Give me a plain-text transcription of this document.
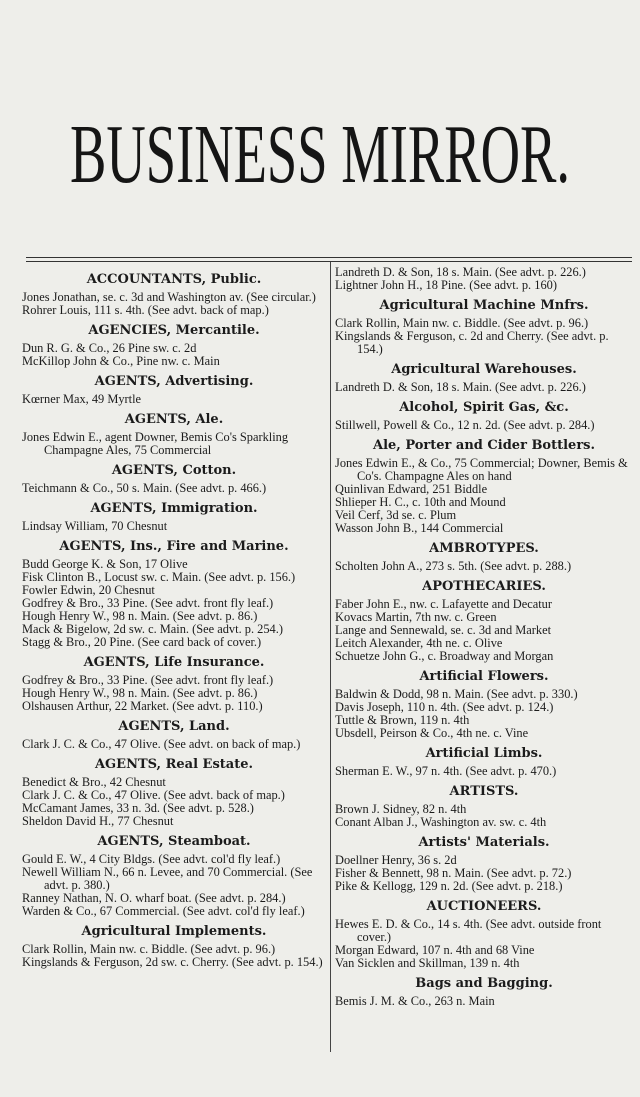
BUSINESS MIRROR.
ACCOUNTANTS, Public.
Jones Jonathan, se. c. 3d and Washington av. (See circular.)
Rohrer Louis, 111 s. 4th. (See advt. back of map.)
AGENCIES, Mercantile.
Dun R. G. & Co., 26 Pine sw. c. 2d
McKillop John & Co., Pine nw. c. Main
AGENTS, Advertising.
Kœrner Max, 49 Myrtle
AGENTS, Ale.
Jones Edwin E., agent Downer, Bemis Co's Sparkling Champagne Ales, 75 Commercial
AGENTS, Cotton.
Teichmann & Co., 50 s. Main. (See advt. p. 466.)
AGENTS, Immigration.
Lindsay William, 70 Chesnut
AGENTS, Ins., Fire and Marine.
Budd George K. & Son, 17 Olive
Fisk Clinton B., Locust sw. c. Main. (See advt. p. 156.)
Fowler Edwin, 20 Chesnut
Godfrey & Bro., 33 Pine. (See advt. front fly leaf.)
Hough Henry W., 98 n. Main. (See advt. p. 86.)
Mack & Bigelow, 2d sw. c. Main. (See advt. p. 254.)
Stagg & Bro., 20 Pine. (See card back of cover.)
AGENTS, Life Insurance.
Godfrey & Bro., 33 Pine. (See advt. front fly leaf.)
Hough Henry W., 98 n. Main. (See advt. p. 86.)
Olshausen Arthur, 22 Market. (See advt. p. 110.)
AGENTS, Land.
Clark J. C. & Co., 47 Olive. (See advt. on back of map.)
AGENTS, Real Estate.
Benedict & Bro., 42 Chesnut
Clark J. C. & Co., 47 Olive. (See advt. back of map.)
McCamant James, 33 n. 3d. (See advt. p. 528.)
Sheldon David H., 77 Chesnut
AGENTS, Steamboat.
Gould E. W., 4 City Bldgs. (See advt. col'd fly leaf.)
Newell William N., 66 n. Levee, and 70 Commercial. (See advt. p. 380.)
Ranney Nathan, N. O. wharf boat. (See advt. p. 284.)
Warden & Co., 67 Commercial. (See advt. col'd fly leaf.)
Agricultural Implements.
Clark Rollin, Main nw. c. Biddle. (See advt. p. 96.)
Kingslands & Ferguson, 2d sw. c. Cherry. (See advt. p. 154.)
Landreth D. & Son, 18 s. Main. (See advt. p. 226.)
Lightner John H., 18 Pine. (See advt. p. 160)
Agricultural Machine Mnfrs.
Clark Rollin, Main nw. c. Biddle. (See advt. p. 96.)
Kingslands & Ferguson, c. 2d and Cherry. (See advt. p. 154.)
Agricultural Warehouses.
Landreth D. & Son, 18 s. Main. (See advt. p. 226.)
Alcohol, Spirit Gas, &c.
Stillwell, Powell & Co., 12 n. 2d. (See advt. p. 284.)
Ale, Porter and Cider Bottlers.
Jones Edwin E., & Co., 75 Commercial; Downer, Bemis & Co's. Champagne Ales on hand
Quinlivan Edward, 251 Biddle
Shlieper H. C., c. 10th and Mound
Veil Cerf, 3d se. c. Plum
Wasson John B., 144 Commercial
AMBROTYPES.
Scholten John A., 273 s. 5th. (See advt. p. 288.)
APOTHECARIES.
Faber John E., nw. c. Lafayette and Decatur
Kovacs Martin, 7th nw. c. Green
Lange and Sennewald, se. c. 3d and Market
Leitch Alexander, 4th ne. c. Olive
Schuetze John G., c. Broadway and Morgan
Artificial Flowers.
Baldwin & Dodd, 98 n. Main. (See advt. p. 330.)
Davis Joseph, 110 n. 4th. (See advt. p. 124.)
Tuttle & Brown, 119 n. 4th
Ubsdell, Peirson & Co., 4th ne. c. Vine
Artificial Limbs.
Sherman E. W., 97 n. 4th. (See advt. p. 470.)
ARTISTS.
Brown J. Sidney, 82 n. 4th
Conant Alban J., Washington av. sw. c. 4th
Artists' Materials.
Doellner Henry, 36 s. 2d
Fisher & Bennett, 98 n. Main. (See advt. p. 72.)
Pike & Kellogg, 129 n. 2d. (See advt. p. 218.)
AUCTIONEERS.
Hewes E. D. & Co., 14 s. 4th. (See advt. outside front cover.)
Morgan Edward, 107 n. 4th and 68 Vine
Van Sicklen and Skillman, 139 n. 4th
Bags and Bagging.
Bemis J. M. & Co., 263 n. Main
